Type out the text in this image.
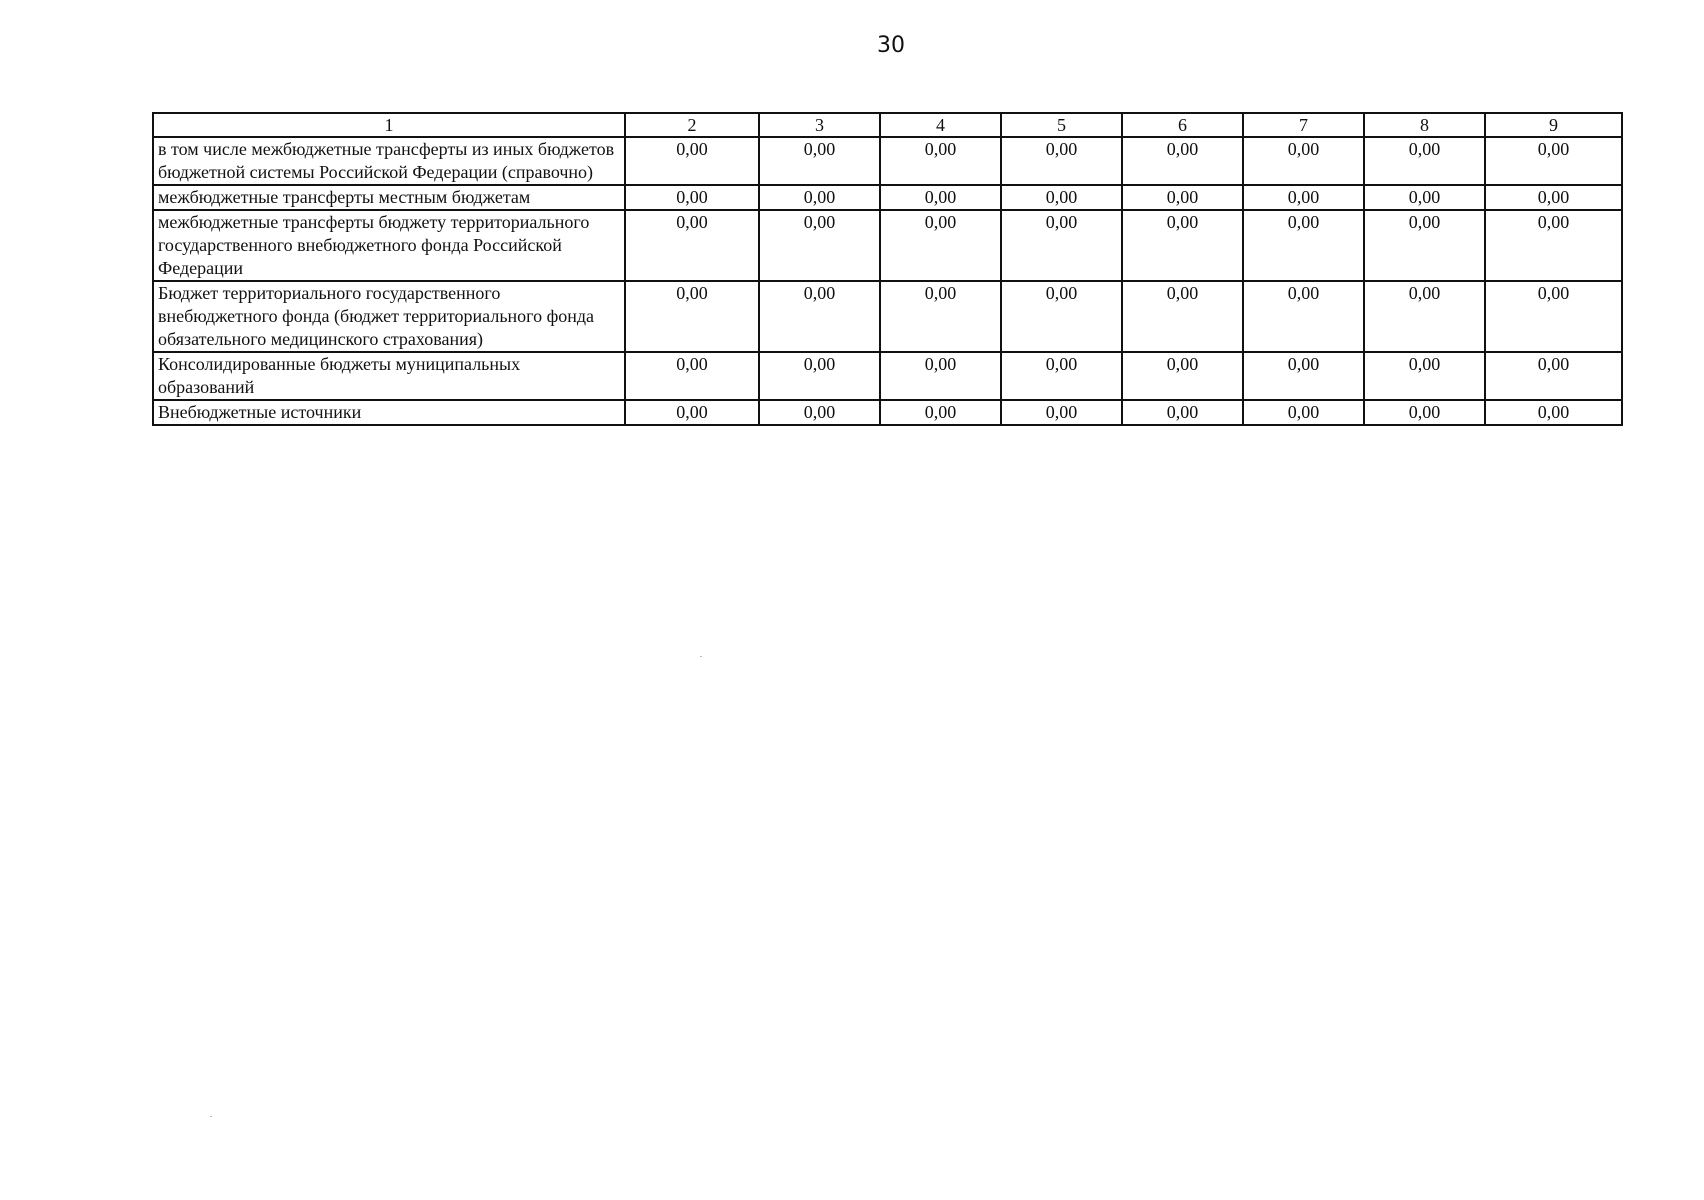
30
1	2	3	4	5	6	7	8	9
в том числе межбюджетные трансферты из иных бюджетов бюджетной системы Российской Федерации (справочно)	0,00	0,00	0,00	0,00	0,00	0,00	0,00	0,00
межбюджетные трансферты местным бюджетам	0,00	0,00	0,00	0,00	0,00	0,00	0,00	0,00
межбюджетные трансферты бюджету территориального государственного внебюджетного фонда Российской Федерации	0,00	0,00	0,00	0,00	0,00	0,00	0,00	0,00
Бюджет территориального государственного внебюджетного фонда (бюджет территориального фонда обязательного медицинского страхования)	0,00	0,00	0,00	0,00	0,00	0,00	0,00	0,00
Консолидированные бюджеты муниципальных образований	0,00	0,00	0,00	0,00	0,00	0,00	0,00	0,00
Внебюджетные источники	0,00	0,00	0,00	0,00	0,00	0,00	0,00	0,00
